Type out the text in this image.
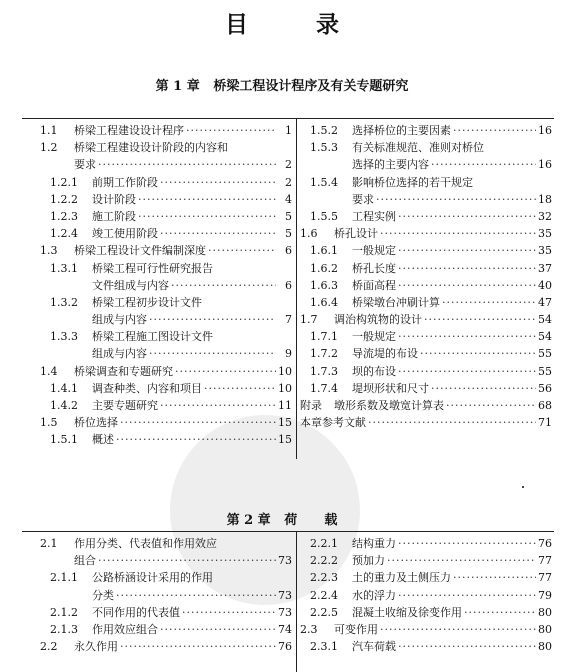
目 录
第 1 章   桥梁工程设计程序及有关专题研究
1.1	桥梁工程建设设计程序 ·····	1
1.2	桥梁工程建设设计阶段的内容和
要求 ·····	2
1.2.1	前期工作阶段 ·····	2
1.2.2	设计阶段 ·····	4
1.2.3	施工阶段 ·····	5
1.2.4	竣工使用阶段 ·····	5
1.3	桥梁工程设计文件编制深度 ·····	6
1.3.1	桥梁工程可行性研究报告
文件组成与内容 ·····	6
1.3.2	桥梁工程初步设计文件
组成与内容 ·····	7
1.3.3	桥梁工程施工图设计文件
组成与内容 ·····	9
1.4	桥梁调查和专题研究 ·····	10
1.4.1	调查种类、内容和项目 ·····	10
1.4.2	主要专题研究 ·····	11
1.5	桥位选择 ·····	15
1.5.1	概述 ·····	15
1.5.2	选择桥位的主要因素 ·····	16
1.5.3	有关标准规范、准则对桥位
选择的主要内容 ·····	16
1.5.4	影响桥位选择的若干规定
要求 ·····	18
1.5.5	工程实例 ·····	32
1.6	桥孔设计 ·····	35
1.6.1	一般规定 ·····	35
1.6.2	桥孔长度 ·····	37
1.6.3	桥面高程 ·····	40
1.6.4	桥梁墩台冲刷计算 ·····	47
1.7	调治构筑物的设计 ·····	54
1.7.1	一般规定 ·····	54
1.7.2	导流堤的布设 ·····	55
1.7.3	坝的布设 ·····	55
1.7.4	堤坝形状和尺寸 ·····	56
附录	墩形系数及墩宽计算表 ·····	68
本章参考文献 ·····	71
第 2 章   荷      载
2.1	作用分类、代表值和作用效应
组合 ·····	73
2.1.1	公路桥涵设计采用的作用
分类 ·····	73
2.1.2	不同作用的代表值 ·····	73
2.1.3	作用效应组合 ·····	74
2.2	永久作用 ·····	76
2.2.1	结构重力 ·····	76
2.2.2	预加力 ·····	77
2.2.3	土的重力及土侧压力 ·····	77
2.2.4	水的浮力 ·····	79
2.2.5	混凝土收缩及徐变作用 ·····	80
2.3	可变作用 ·····	80
2.3.1	汽车荷载 ·····	80
